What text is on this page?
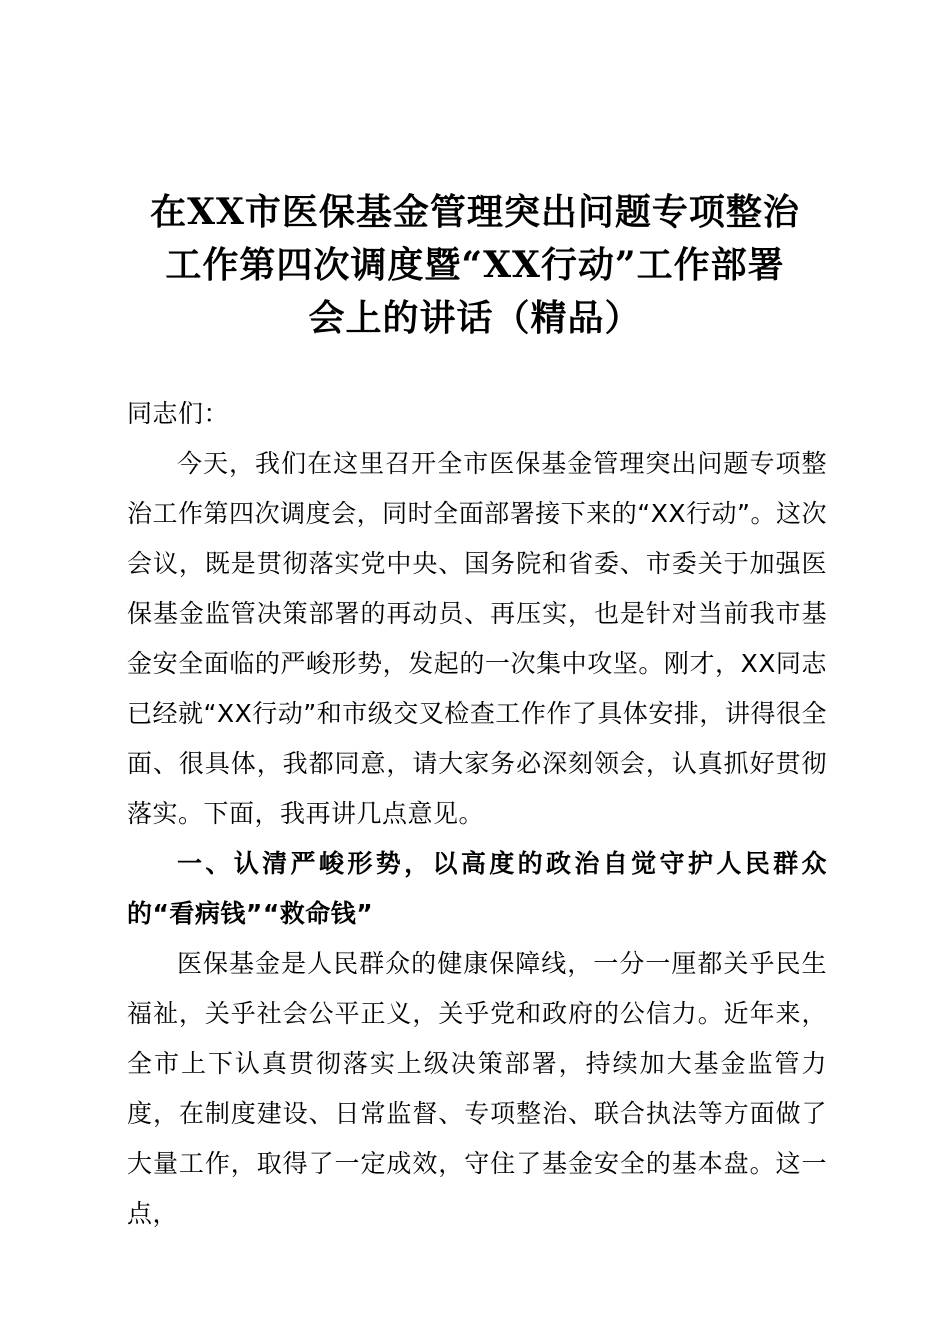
在XX市医保基金管理突出问题专项整治
工作第四次调度暨“XX行动”工作部署
会上的讲话（精品）

同志们：

今天，我们在这里召开全市医保基金管理突出问题专项整治工作第四次调度会，同时全面部署接下来的“XX行动”。这次会议，既是贯彻落实党中央、国务院和省委、市委关于加强医保基金监管决策部署的再动员、再压实，也是针对当前我市基金安全面临的严峻形势，发起的一次集中攻坚。刚才，XX同志已经就“XX行动”和市级交叉检查工作作了具体安排，讲得很全面、很具体，我都同意，请大家务必深刻领会，认真抓好贯彻落实。下面，我再讲几点意见。

一、认清严峻形势，以高度的政治自觉守护人民群众的“看病钱”“救命钱”

医保基金是人民群众的健康保障线，一分一厘都关乎民生福祉，关乎社会公平正义，关乎党和政府的公信力。近年来，全市上下认真贯彻落实上级决策部署，持续加大基金监管力度，在制度建设、日常监督、专项整治、联合执法等方面做了大量工作，取得了一定成效，守住了基金安全的基本盘。这一点，
